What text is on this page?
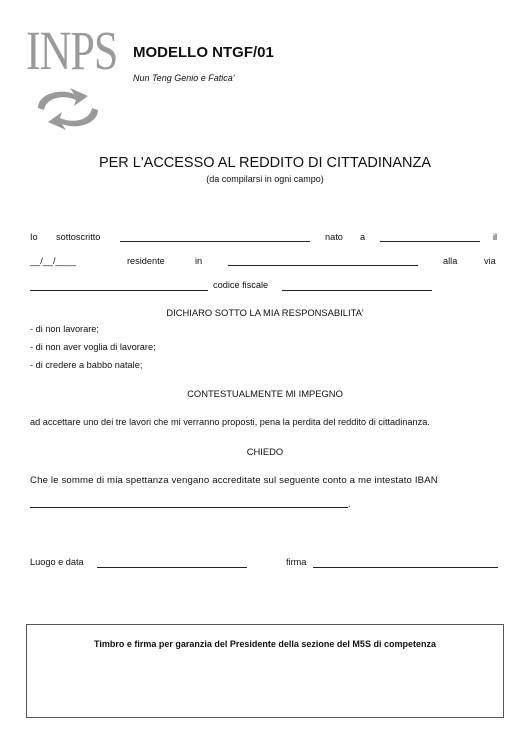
INPS MODELLO NTGF/01
Nun Teng Genio e Fatica'
PER L'ACCESSO AL REDDITO DI CITTADINANZA
(da compilarsi in ogni campo)
Io sottoscritto	nato a	il
__/__/____	residente	in	alla	via
codice fiscale
DICHIARO SOTTO LA MIA RESPONSABILITA'
- di non lavorare;
- di non aver voglia di lavorare;
- di credere a babbo natale;
CONTESTUALMENTE MI IMPEGNO
ad accettare uno dei tre lavori che mi verranno proposti, pena la perdita del reddito di cittadinanza.
CHIEDO
Che le somme di mia spettanza vengano accreditate sul seguente conto a me intestato IBAN
.
Luogo e data	firma
Timbro e firma per garanzia del Presidente della sezione del M5S di competenza
